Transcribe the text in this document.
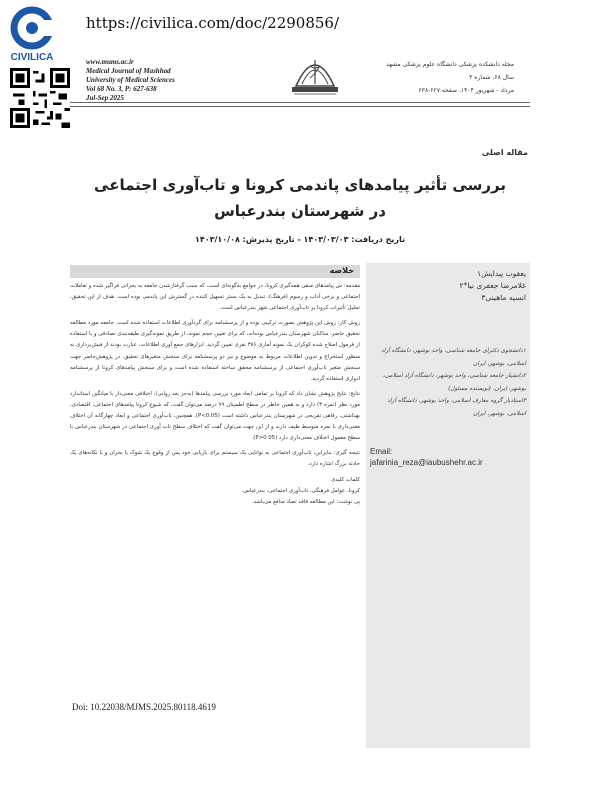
CIVILICA
https://civilica.com/doc/2290856/
www.mums.ac.ir
Medical Journal of Mashhad
University of Medical Sciences
Vol 68 No. 3, P: 627-638
Jul-Sep 2025
مجله دانشکده پزشکی دانشگاه علوم پزشکی مشهد
سال ۶۸، شماره ۳
مرداد - شهریور ۱۴۰۴، صفحه ۶۲۷-۶۳۸
مقاله اصلی
بررسی تأثیر پیامدهای پاندمی کرونا و تاب‌آوری اجتماعی در شهرستان بندرعباس
تاریخ دریافت: ۱۴۰۳/۰۳/۰۳ - تاریخ پذیرش: ۱۴۰۳/۱۰/۰۸
یعقوب پیدایش۱
غلامرضا جعفری نیا*۲
انسیه ماهینی۳
۱دانشجوی دکترای جامعه شناسی، واحد بوشهر، دانشگاه آزاد اسلامی، بوشهر، ایران
۲دانشیار جامعه شناسی، واحد بوشهر، دانشگاه آزاد اسلامی، بوشهر، ایران. (نویسنده مسئول)
۳استادیار گروه معارف اسلامی، واحد بوشهر، دانشگاه آزاد اسلامی، بوشهر، ایران
Email:
jafarinia_reza@iaubushehr.ac.ir
خلاصه

مقدمه: ش پیامدهای منفی همه‌گیری کرونا، در جوامع به‌گونه‌ای است، که سبب گرفتارشدن جامعه به بحرانی فراگیر شده و تعاملات اجتماعی و برخی آداب و رسوم (فرهنگ)، تبدیل به یک بستر تسهیل کننده در گسترش این پاندمی بوده است. هدف از این تحقیق، تحلیل تأثیرات کرونا بر تاب‌آوری اجتماعی شهر بندرعباس است.

روش کار: روش این پژوهش بصورت ترکیبی بوده و از پرسشنامه برای گردآوری اطلاعات استفاده شده است. جامعه مورد مطالعه تحقیق حاضر، ساکنان شهرستان بندرعباس بوده‌اند، که برای تعیین حجم نمونه، از طریق نمونه‌گیری طبقه‌بندی تصادفی و با استفاده از فرمول اصلاح شده کوکران یک نمونه آماری ۳۸۶ نفری تعیین گردید. ابزارهای جمع آوری اطلاعات، عبارت بودند از فیش‌برداری به منظور استخراج و تدوین اطلاعات مربوط به موضوع و نیز دو پرسشنامه برای سنجش متغیرهای تحقیق. در پژوهش‌حاضر جهت سنجش متغیر تاب‌آوری اجتماعی از پرسشنامه محقق ساخته استفاده شده است و برای سنجش پیامدهای کرونا از پرسشنامه ادواری استفاده گردید.

نتایج: نتایج پژوهش نشان داد که کرونا بر تمامی ابعاد مورد بررسی پیامدها (به‌جز بعد روانی)، اختلافی معنی‌دار با میانگین استاندارد مورد نظر (نمره ۳) دارد و به همین خاطر در سطح اطمینان ۹۹ درصد می‌توان گفت، که شیوع کرونا پیامدهای اجتماعی، اقتصادی، بهداشتی، رفاهی تفریحی در شهرستان بندرعباس داشته است (P<0.05). همچنین، تاب‌آوری اجتماعی و ابعاد چهارگانه آن اختلاف معنی‌داری با نمره متوسط طیف دارند و از این جهت می‌توان گفت که اختلاف سطح تاب آوری اجتماعی در شهرستان بندرعباس با سطح معمول اختلاف معنی‌داری دارد (P>0.05).

نتیجه گیری: بنابراین، تاب‌آوری اجتماعی به توانایی یک سیستم برای بازیابی خود پس از وقوع یک شوک یا بحران و یا تکانه‌های یک حادثه بزرگ اشاره دارد.

کلمات کلیدی
کرونا، عوامل فرهنگی، تاب‌آوری اجتماعی، بندرعباس.
پی نوشت: این مطالعه فاقد تضاد منافع می‌باشد.
Doi: 10.22038/MJMS.2025.80118.4619
